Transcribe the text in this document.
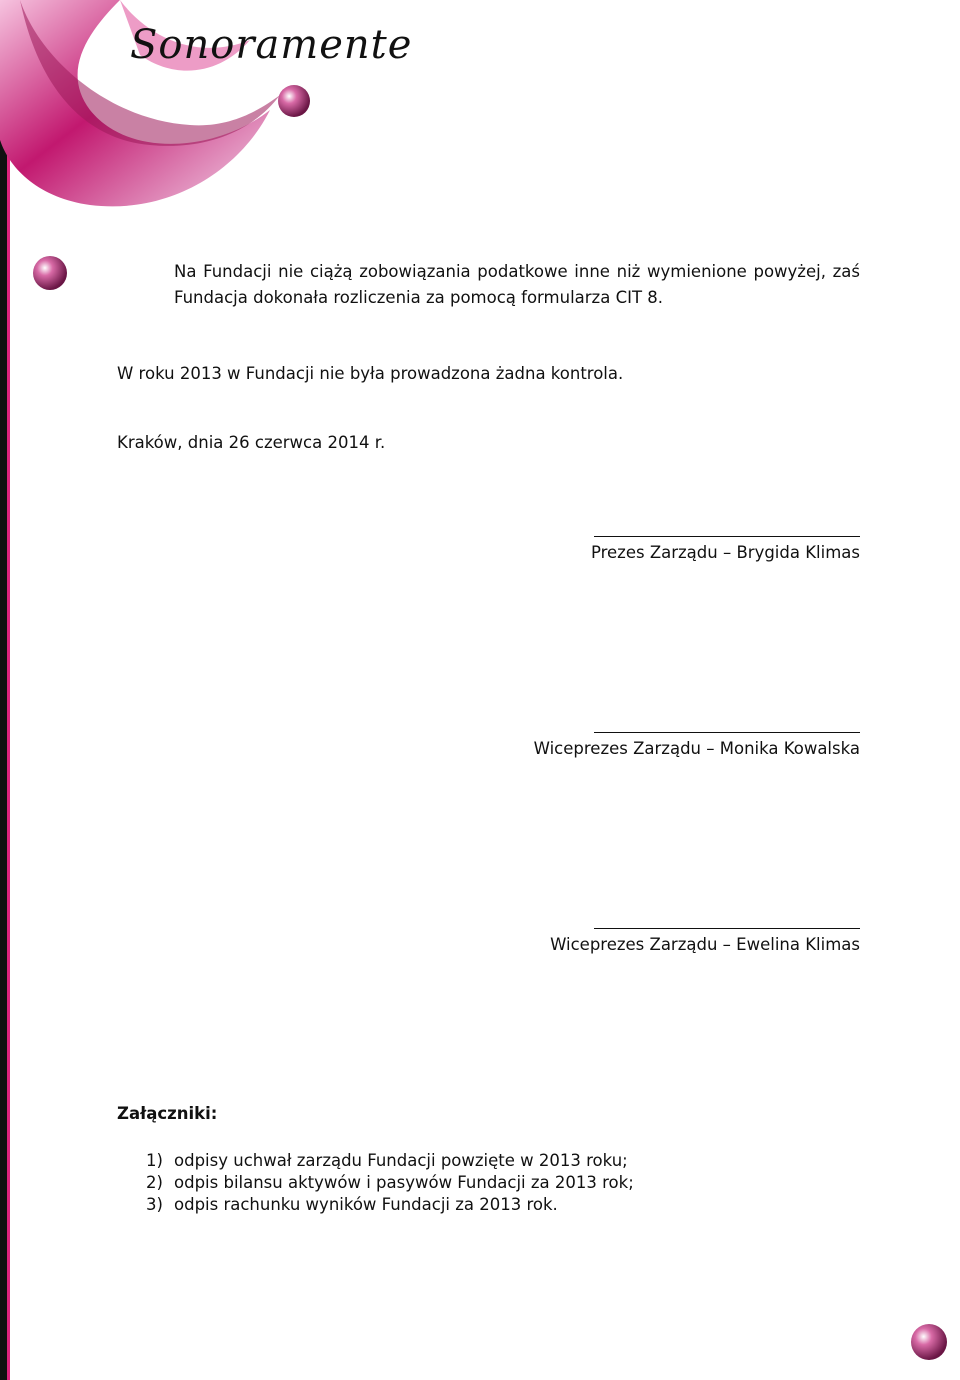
Sonoramente
Na Fundacji nie ciążą zobowiązania podatkowe inne niż wymienione powyżej, zaś Fundacja dokonała rozliczenia za pomocą formularza CIT 8.
W roku 2013 w Fundacji nie była prowadzona żadna kontrola.
Kraków, dnia 26 czerwca 2014 r.
Prezes Zarządu – Brygida Klimas
Wiceprezes Zarządu – Monika Kowalska
Wiceprezes Zarządu – Ewelina Klimas
Załączniki:
1) odpisy uchwał zarządu Fundacji powzięte w 2013 roku;
2) odpis bilansu aktywów i pasywów Fundacji za 2013 rok;
3) odpis rachunku wyników Fundacji za 2013 rok.
